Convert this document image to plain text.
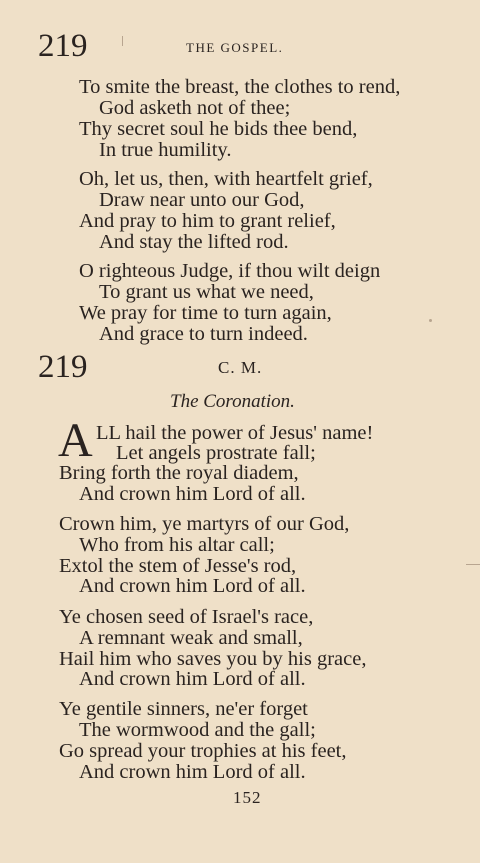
219	THE GOSPEL.
To smite the breast, the clothes to rend,
God asketh not of thee;
Thy secret soul he bids thee bend,
In true humility.
Oh, let us, then, with heartfelt grief,
Draw near unto our God,
And pray to him to grant relief,
And stay the lifted rod.
O righteous Judge, if thou wilt deign
To grant us what we need,
We pray for time to turn again,
And grace to turn indeed.
219	C. M.
The Coronation.
A LL hail the power of Jesus' name!
Let angels prostrate fall;
Bring forth the royal diadem,
And crown him Lord of all.
Crown him, ye martyrs of our God,
Who from his altar call;
Extol the stem of Jesse's rod,
And crown him Lord of all.
Ye chosen seed of Israel's race,
A remnant weak and small,
Hail him who saves you by his grace,
And crown him Lord of all.
Ye gentile sinners, ne'er forget
The wormwood and the gall;
Go spread your trophies at his feet,
And crown him Lord of all.
152
